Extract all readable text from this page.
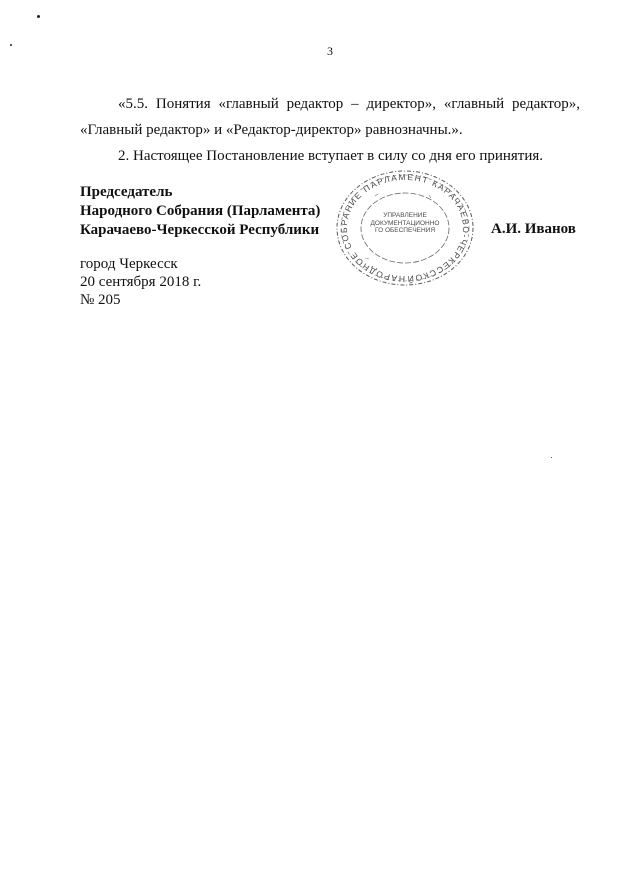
3

«5.5. Понятия «главный редактор – директор», «главный редактор», «Главный редактор» и «Редактор-директор» равнозначны.».

2. Настоящее Постановление вступает в силу со дня его принятия.

Председатель
Народного Собрания (Парламента)
Карачаево-Черкесской Республики
НАРОДНОЕ СОБРАНИЕ ПАРЛАМЕНТ КАРАЧАЕВО-ЧЕРКЕССКОЙ
УПРАВЛЕНИЕ ДОКУМЕНТАЦИОННОГО ОБЕСПЕЧЕНИЯ	А.И. Иванов
город Черкесск
20 сентября 2018 г.
№ 205
